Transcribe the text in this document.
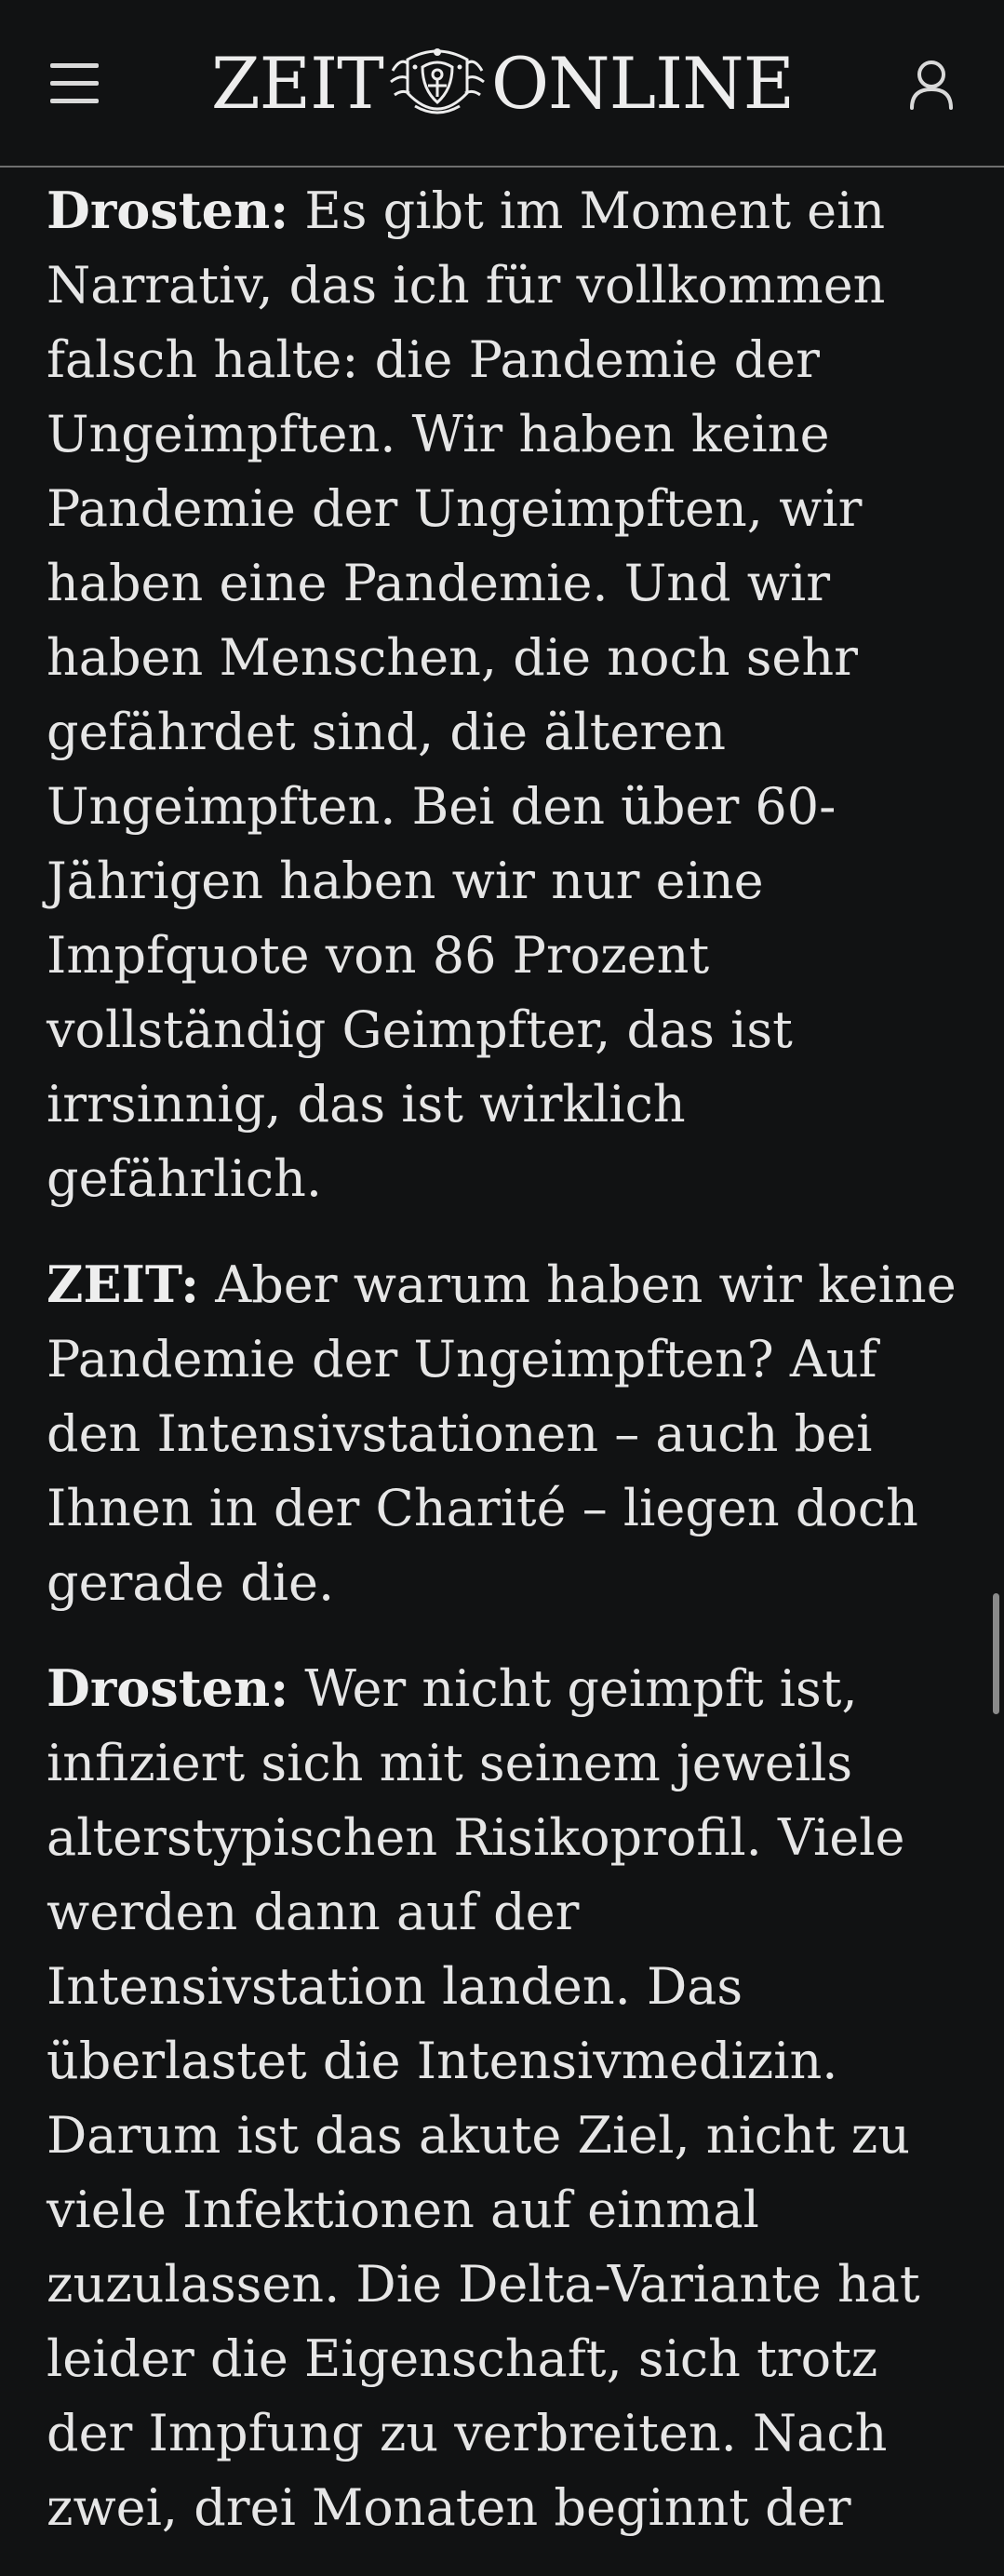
ZEIT ONLINE

Drosten: Es gibt im Moment ein Narrativ, das ich für vollkommen falsch halte: die Pandemie der Ungeimpften. Wir haben keine Pandemie der Ungeimpften, wir haben eine Pandemie. Und wir haben Menschen, die noch sehr gefährdet sind, die älteren Ungeimpften. Bei den über 60-Jährigen haben wir nur eine Impfquote von 86 Prozent vollständig Geimpfter, das ist irrsinnig, das ist wirklich gefährlich.

ZEIT: Aber warum haben wir keine Pandemie der Ungeimpften? Auf den Intensivstationen – auch bei Ihnen in der Charité – liegen doch gerade die.

Drosten: Wer nicht geimpft ist, infiziert sich mit seinem jeweils alterstypischen Risikoprofil. Viele werden dann auf der Intensivstation landen. Das überlastet die Intensivmedizin. Darum ist das akute Ziel, nicht zu viele Infektionen auf einmal zuzulassen. Die Delta-Variante hat leider die Eigenschaft, sich trotz der Impfung zu verbreiten. Nach zwei, drei Monaten beginnt der
